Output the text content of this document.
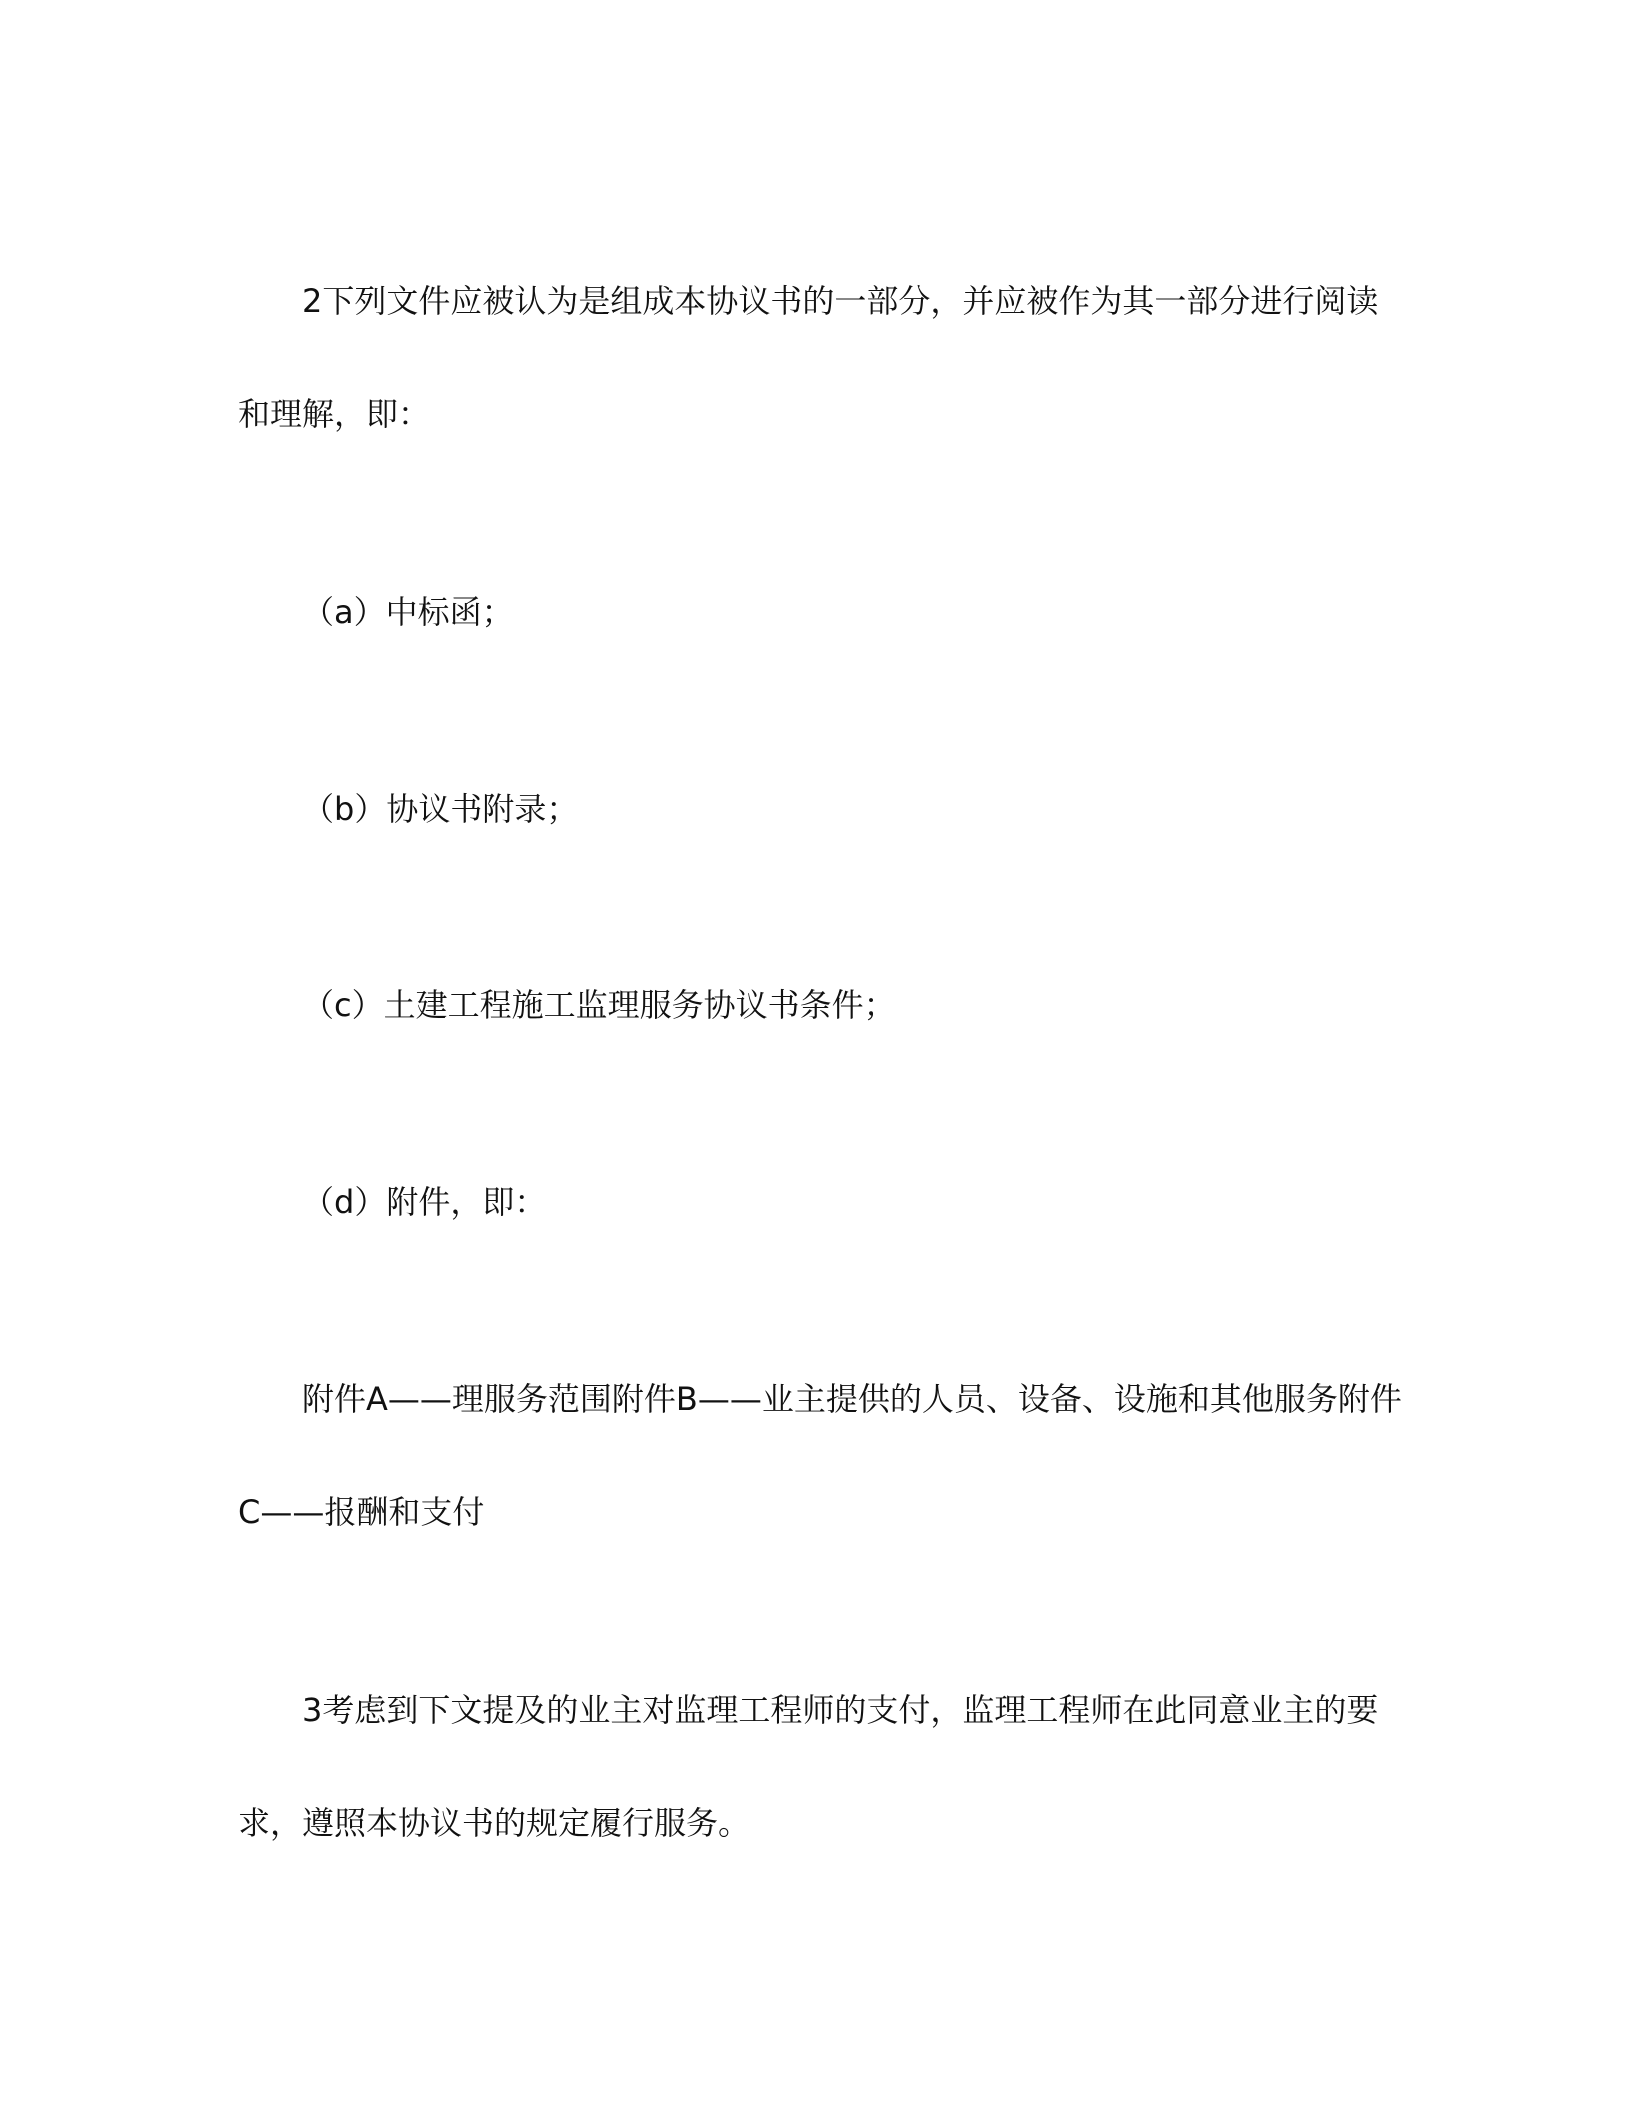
2下列文件应被认为是组成本协议书的一部分，并应被作为其一部分进行阅读

和理解，即：

（a）中标函；

（b）协议书附录；

（c）土建工程施工监理服务协议书条件；

（d）附件，即：

附件A——理服务范围附件B——业主提供的人员、设备、设施和其他服务附件

C——报酬和支付

3考虑到下文提及的业主对监理工程师的支付，监理工程师在此同意业主的要

求，遵照本协议书的规定履行服务。
